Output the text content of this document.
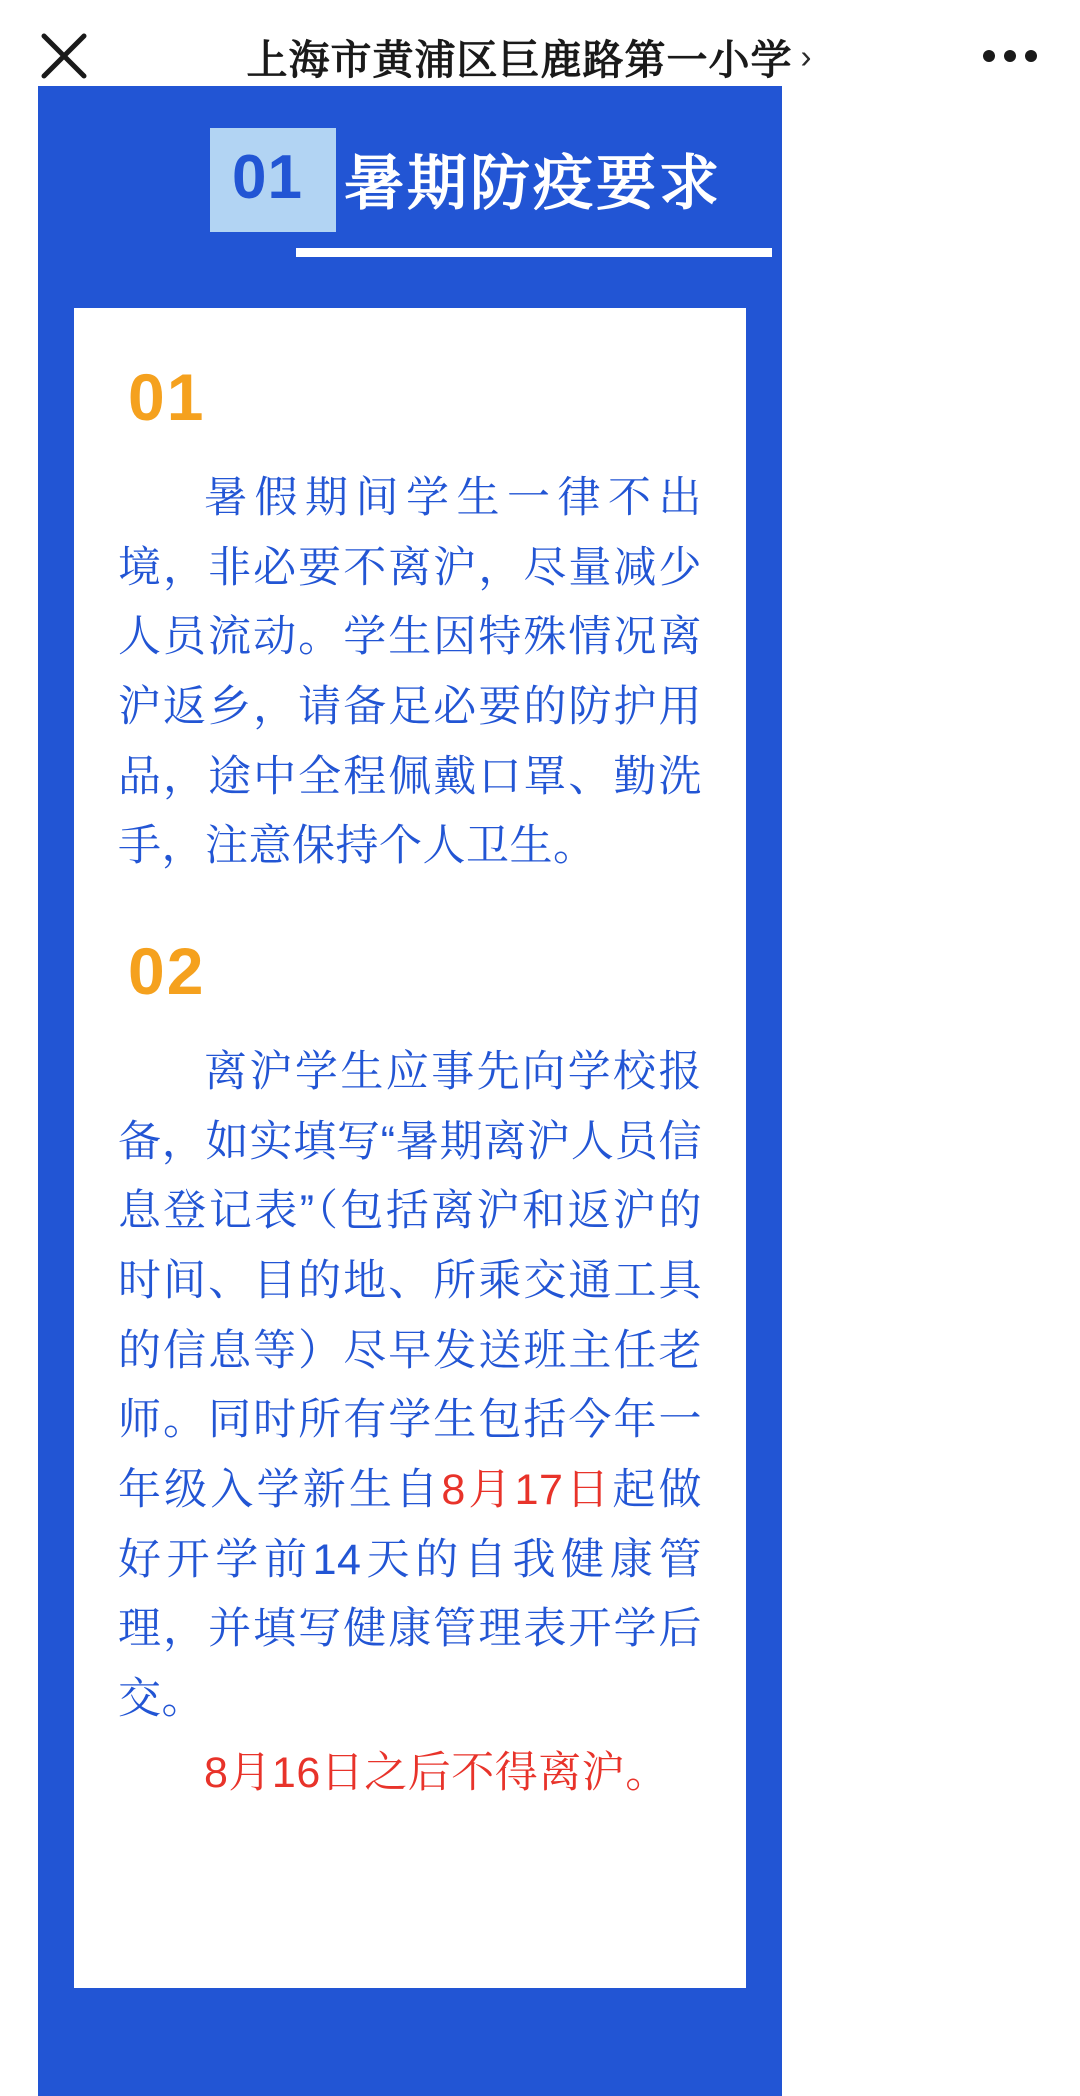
上海市黄浦区巨鹿路第一小学 ›
01 暑期防疫要求
01

暑假期间学生一律不出境，非必要不离沪，尽量减少人员流动。学生因特殊情况离沪返乡，请备足必要的防护用品，途中全程佩戴口罩、勤洗手，注意保持个人卫生。

02

离沪学生应事先向学校报备，如实填写“暑期离沪人员信息登记表”（包括离沪和返沪的时间、目的地、所乘交通工具的信息等）尽早发送班主任老师。同时所有学生包括今年一年级入学新生自8月17日起做好开学前14天的自我健康管理，并填写健康管理表开学后交。

8月16日之后不得离沪。
